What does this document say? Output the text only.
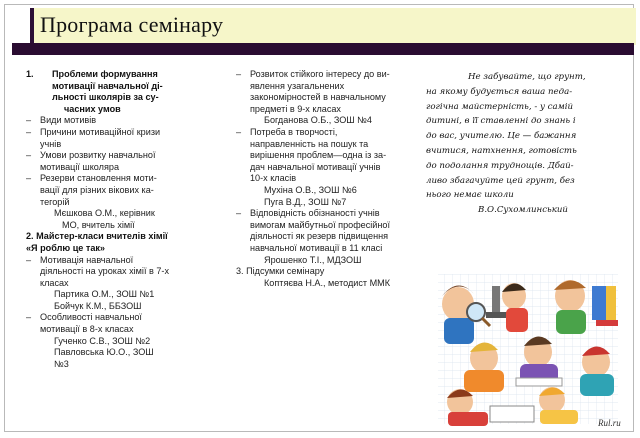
Програма семінару
1. Проблеми формування
мотивації навчальної ді-
льності школярів за су-
часних умов
– Види мотивів
– Причини мотиваційної кризи
учнів
– Умови розвитку навчальної
мотивації школяра
– Резерви становлення моти-
вації для різних вікових ка-
тегорій
Мєшкова О.М., керівник
МО, вчитель хімії
2. Майстер-класи вчителів хімії
«Я роблю це так»
– Мотивація навчальної
діяльності на уроках хімії в 7-х
класах
Партика О.М., ЗОШ №1
Бойчук К.М., ББЗОШ
– Особливості навчальної
мотивації в 8-х класах
Гученко С.В., ЗОШ №2
Павловська Ю.О., ЗОШ
№3
– Розвиток стійкого інтересу до ви-
явлення узагальнених
закономірностей в навчальному
предметі в 9-х класах
Богданова О.Б., ЗОШ №4
– Потреба в творчості,
направленність на пошук та
вирішення проблем—одна із за-
дач навчальної мотивації учнів
10-х класів
Мухіна О.В., ЗОШ №6
Пуга В.Д., ЗОШ №7
– Відповідність обізнаності учнів
вимогам майбутньої професійної
діяльності як резерв підвищення
навчальної мотивації в 11 класі
Ярошенко Т.І., МДЗОШ
3. Підсумки семінару
Коптяєва Н.А., методист ММК
Не забувайте, що грунт,
на якому будується ваша педа-
гогічна майстерність, - у самій
дитині, в її ставленні до знань і
до вас, учителю. Це — бажання
вчитися, натхнення, готовість
до подолання труднощів. Дбай-
ливо збагачуйте цей грунт, без
нього немає школи
В.О.Сухомлинський
Rul.ru
